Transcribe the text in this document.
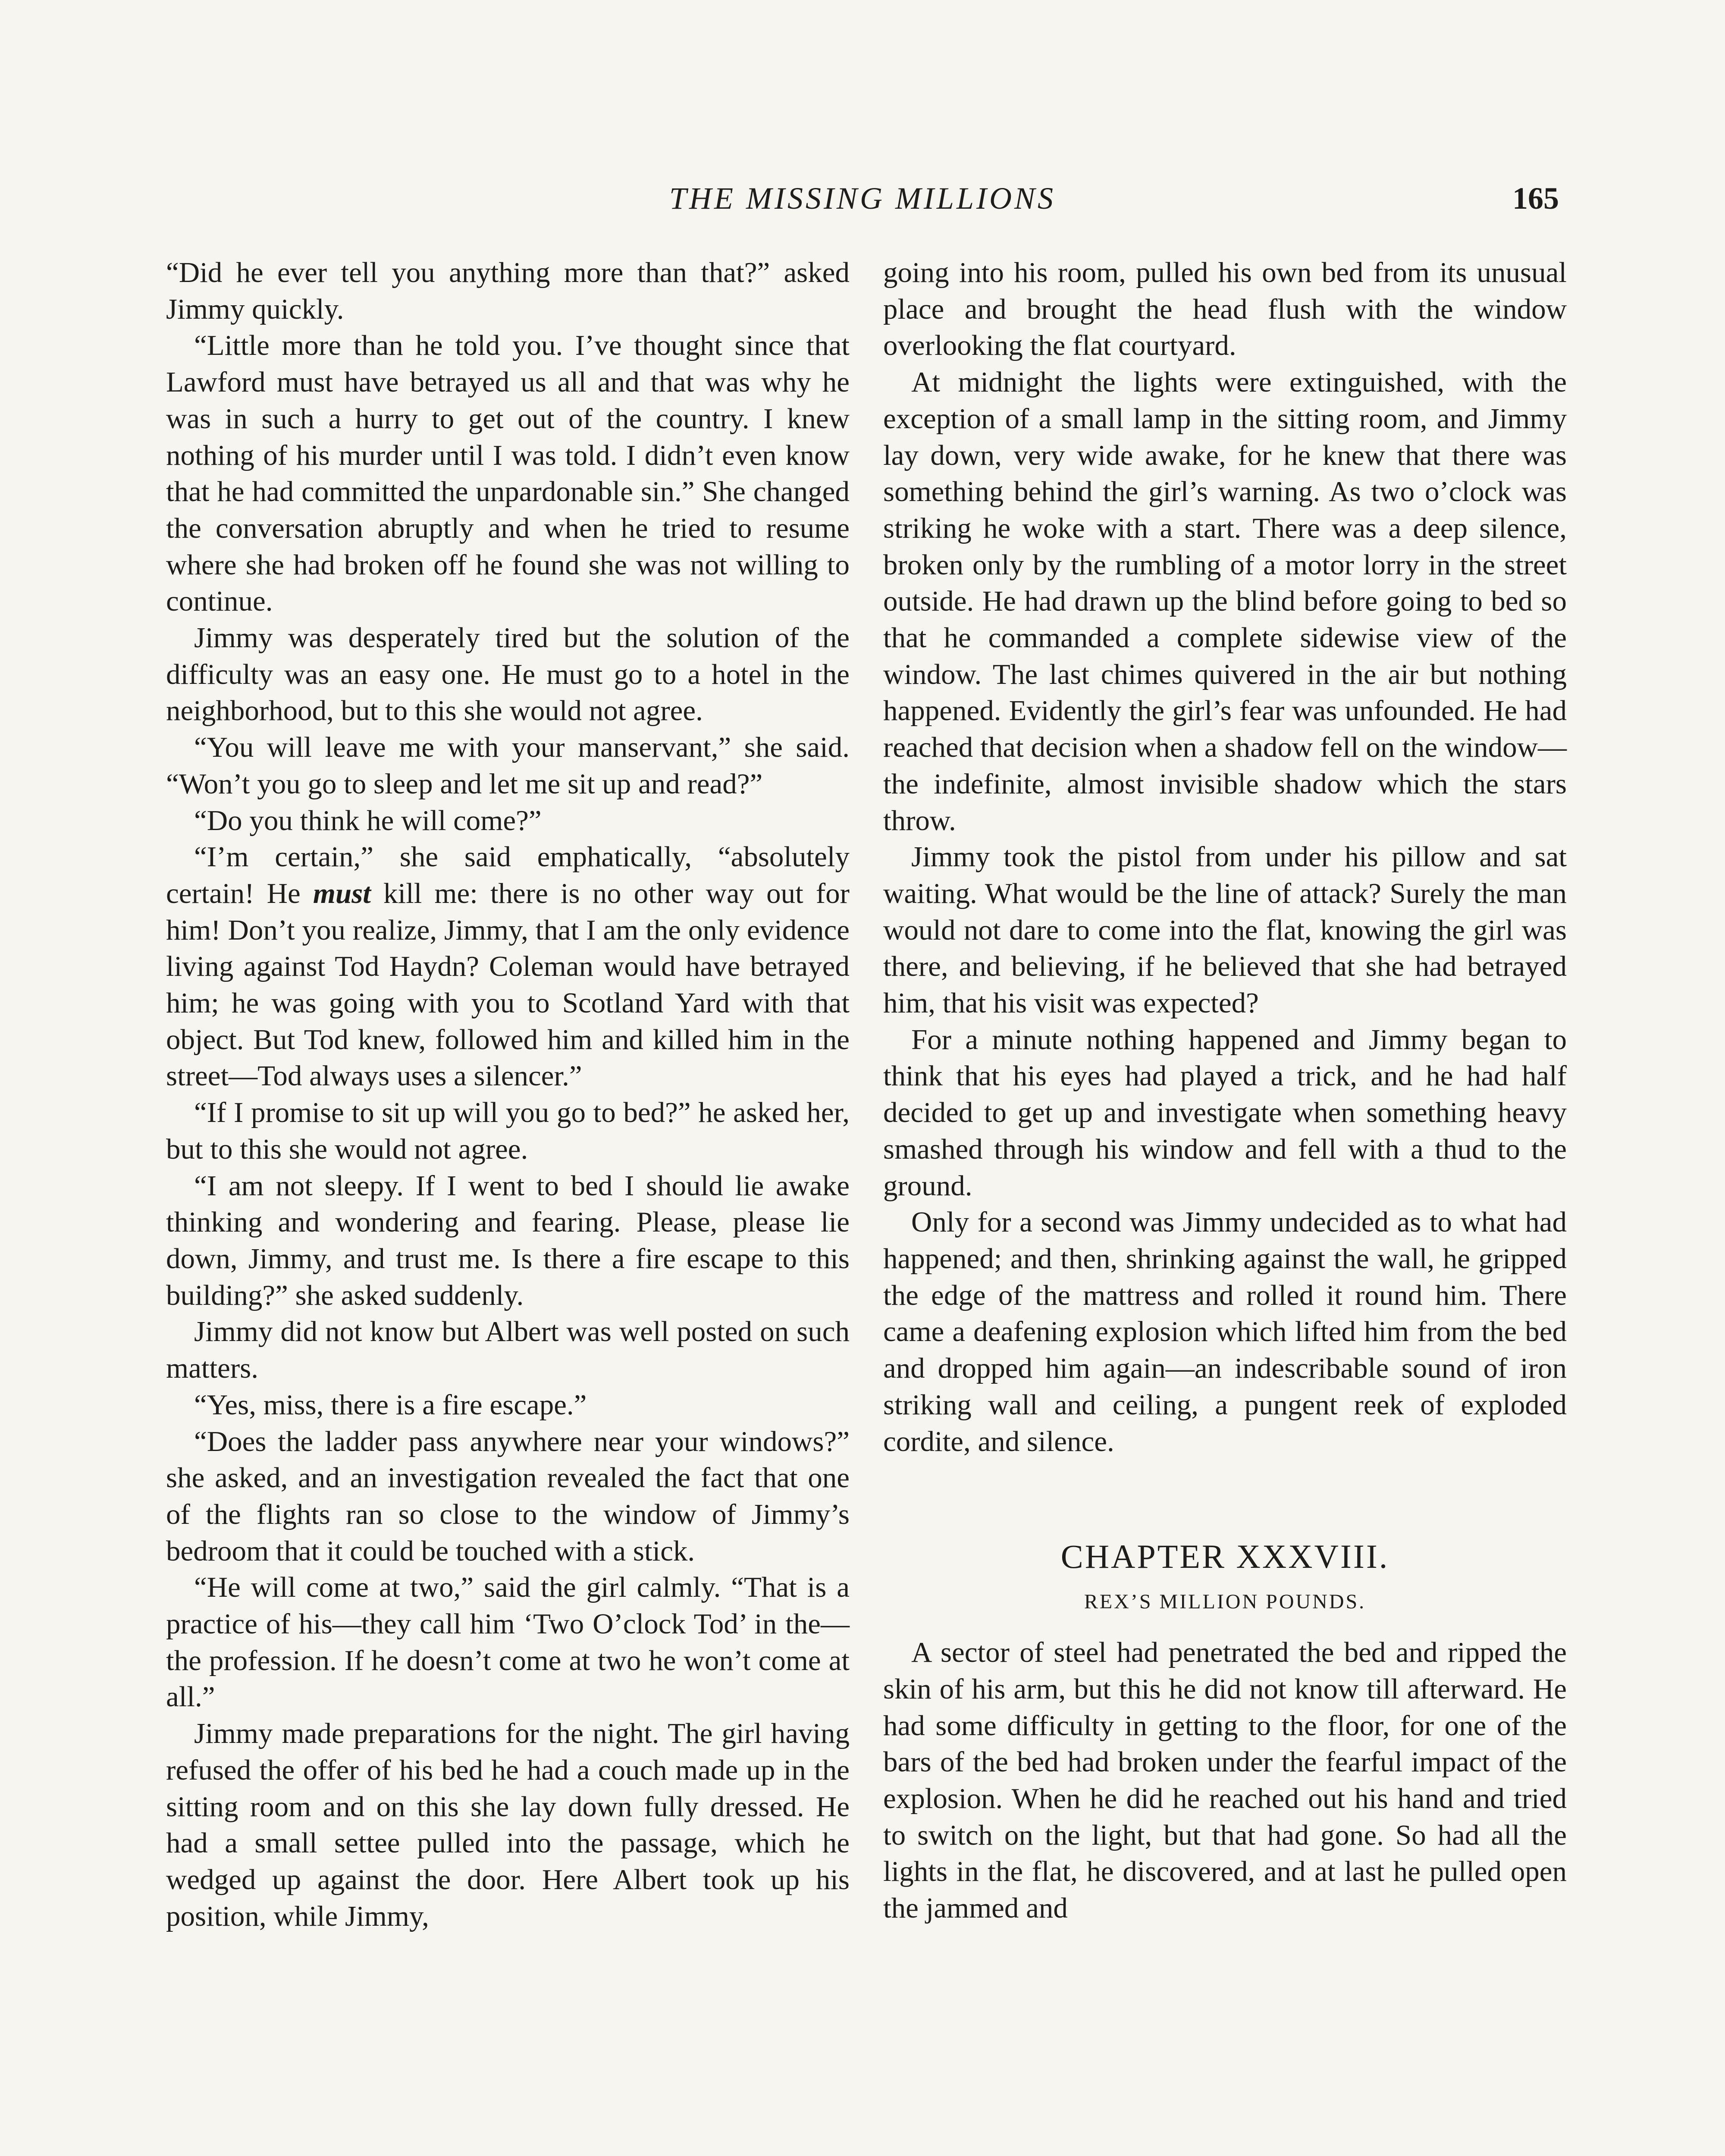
THE MISSING MILLIONS	165

“Did he ever tell you anything more than that?” asked Jimmy quickly.

“Little more than he told you. I’ve thought since that Lawford must have betrayed us all and that was why he was in such a hurry to get out of the country. I knew nothing of his murder until I was told. I didn’t even know that he had committed the unpardonable sin.” She changed the conversation abruptly and when he tried to resume where she had broken off he found she was not willing to continue.

Jimmy was desperately tired but the solution of the difficulty was an easy one. He must go to a hotel in the neighborhood, but to this she would not agree.

“You will leave me with your manservant,” she said. “Won’t you go to sleep and let me sit up and read?”

“Do you think he will come?”

“I’m certain,” she said emphatically, “absolutely certain! He must kill me: there is no other way out for him! Don’t you realize, Jimmy, that I am the only evidence living against Tod Haydn? Coleman would have betrayed him; he was going with you to Scotland Yard with that object. But Tod knew, followed him and killed him in the street—Tod always uses a silencer.”

“If I promise to sit up will you go to bed?” he asked her, but to this she would not agree.

“I am not sleepy. If I went to bed I should lie awake thinking and wondering and fearing. Please, please lie down, Jimmy, and trust me. Is there a fire escape to this building?” she asked suddenly.

Jimmy did not know but Albert was well posted on such matters.

“Yes, miss, there is a fire escape.”

“Does the ladder pass anywhere near your windows?” she asked, and an investigation revealed the fact that one of the flights ran so close to the window of Jimmy’s bedroom that it could be touched with a stick.

“He will come at two,” said the girl calmly. “That is a practice of his—they call him ‘Two O’clock Tod’ in the—the profession. If he doesn’t come at two he won’t come at all.”

Jimmy made preparations for the night. The girl having refused the offer of his bed he had a couch made up in the sitting room and on this she lay down fully dressed. He had a small settee pulled into the passage, which he wedged up against the door. Here Albert took up his position, while Jimmy,

going into his room, pulled his own bed from its unusual place and brought the head flush with the window overlooking the flat courtyard.

At midnight the lights were extinguished, with the exception of a small lamp in the sitting room, and Jimmy lay down, very wide awake, for he knew that there was something behind the girl’s warning. As two o’clock was striking he woke with a start. There was a deep silence, broken only by the rumbling of a motor lorry in the street outside. He had drawn up the blind before going to bed so that he commanded a complete sidewise view of the window. The last chimes quivered in the air but nothing happened. Evidently the girl’s fear was unfounded. He had reached that decision when a shadow fell on the window—the indefinite, almost invisible shadow which the stars throw.

Jimmy took the pistol from under his pillow and sat waiting. What would be the line of attack? Surely the man would not dare to come into the flat, knowing the girl was there, and believing, if he believed that she had betrayed him, that his visit was expected?

For a minute nothing happened and Jimmy began to think that his eyes had played a trick, and he had half decided to get up and investigate when something heavy smashed through his window and fell with a thud to the ground.

Only for a second was Jimmy undecided as to what had happened; and then, shrinking against the wall, he gripped the edge of the mattress and rolled it round him. There came a deafening explosion which lifted him from the bed and dropped him again—an indescribable sound of iron striking wall and ceiling, a pungent reek of exploded cordite, and silence.

CHAPTER XXXVIII.
REX’S MILLION POUNDS.

A sector of steel had penetrated the bed and ripped the skin of his arm, but this he did not know till afterward. He had some difficulty in getting to the floor, for one of the bars of the bed had broken under the fearful impact of the explosion. When he did he reached out his hand and tried to switch on the light, but that had gone. So had all the lights in the flat, he discovered, and at last he pulled open the jammed and
